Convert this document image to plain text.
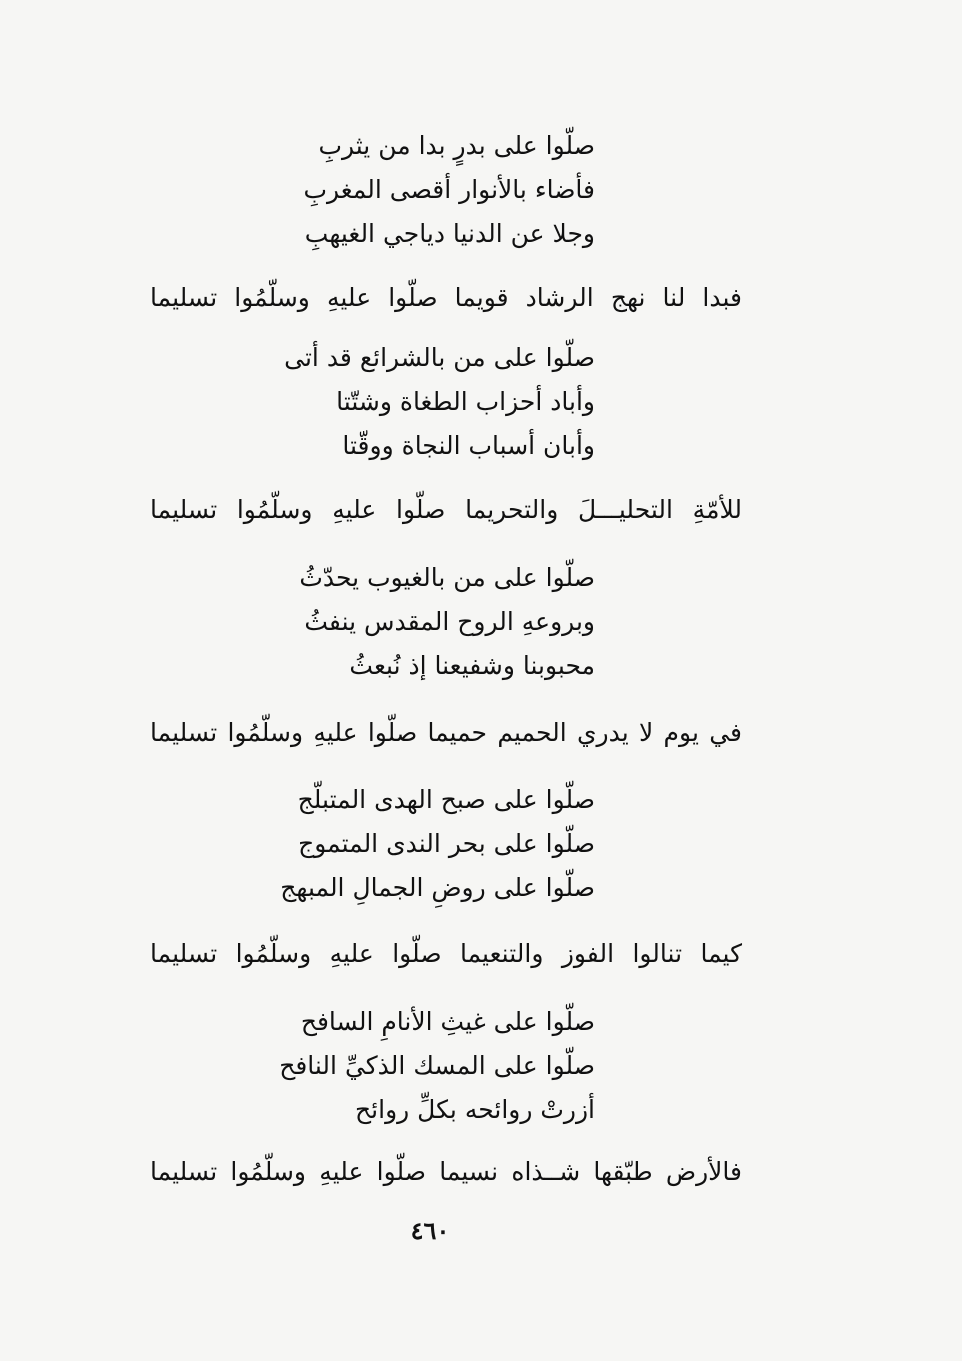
صلّوا على بدرٍ بدا من يثربِ
فأضاء بالأنوار أقصى المغربِ
وجلا عن الدنيا دياجي الغيهبِ
فبدا لنا نهج الرشاد قويما صلّوا عليهِ وسلّمُوا تسليما
صلّوا على من بالشرائع قد أتى
وأباد أحزاب الطغاة وشتّتا
وأبان أسباب النجاة ووقّتا
للأمّةِ التحليـــلَ والتحريما صلّوا عليهِ وسلّمُوا تسليما
صلّوا على من بالغيوب يحدّثُ
وبروعهِ الروح المقدس ينفثُ
محبوبنا وشفيعنا إذ نُبعثُ
في يوم لا يدري الحميم حميما صلّوا عليهِ وسلّمُوا تسليما
صلّوا على صبح الهدى المتبلّج
صلّوا على بحر الندى المتموج
صلّوا على روضِ الجمالِ المبهج
كيما تنالوا الفوز والتنعيما صلّوا عليهِ وسلّمُوا تسليما
صلّوا على غيثِ الأنامِ السافح
صلّوا على المسك الذكيِّ النافح
أزرتْ روائحه بكلِّ روائح
فالأرض طبّقها شــذاه نسيما صلّوا عليهِ وسلّمُوا تسليما
٤٦٠
